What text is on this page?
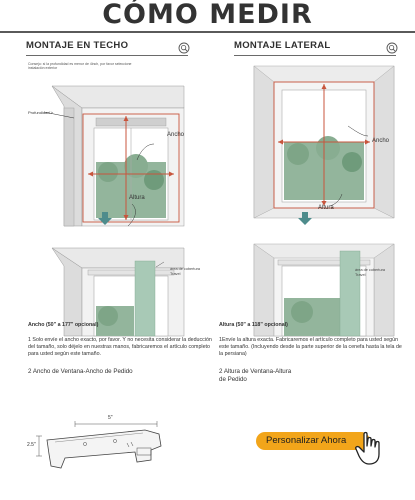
CÓMO MEDIR
MONTAJE EN TECHO
Consejo: si la profundidad es menor de 4inch, por favor seleccione instalación exterior
Profundidad ≥
Ancho
Altura
área de cobertura Travel
MONTAJE LATERAL
Ancho
Altura
área de cobertura Travel
Ancho (50" a 177" opcional)
1 Solo envíe el ancho exacto, por favor. Y no necesita considerar la deducción del tamaño, solo déjelo en nuestras manos, fabricaremos el artículo completo para usted según este tamaño.
2 Ancho de Ventana-Ancho de Pedido
Altura (50" a 118" opcional)
1Envíe la altura exacta. Fabricaremos el artículo completo para usted según este tamaño. (Incluyendo desde la parte superior de la cenefa hasta la tela de la persiana)
2 Altura de Ventana-Altura
de Pedido
5"
2.5"	Personalizar Ahora
